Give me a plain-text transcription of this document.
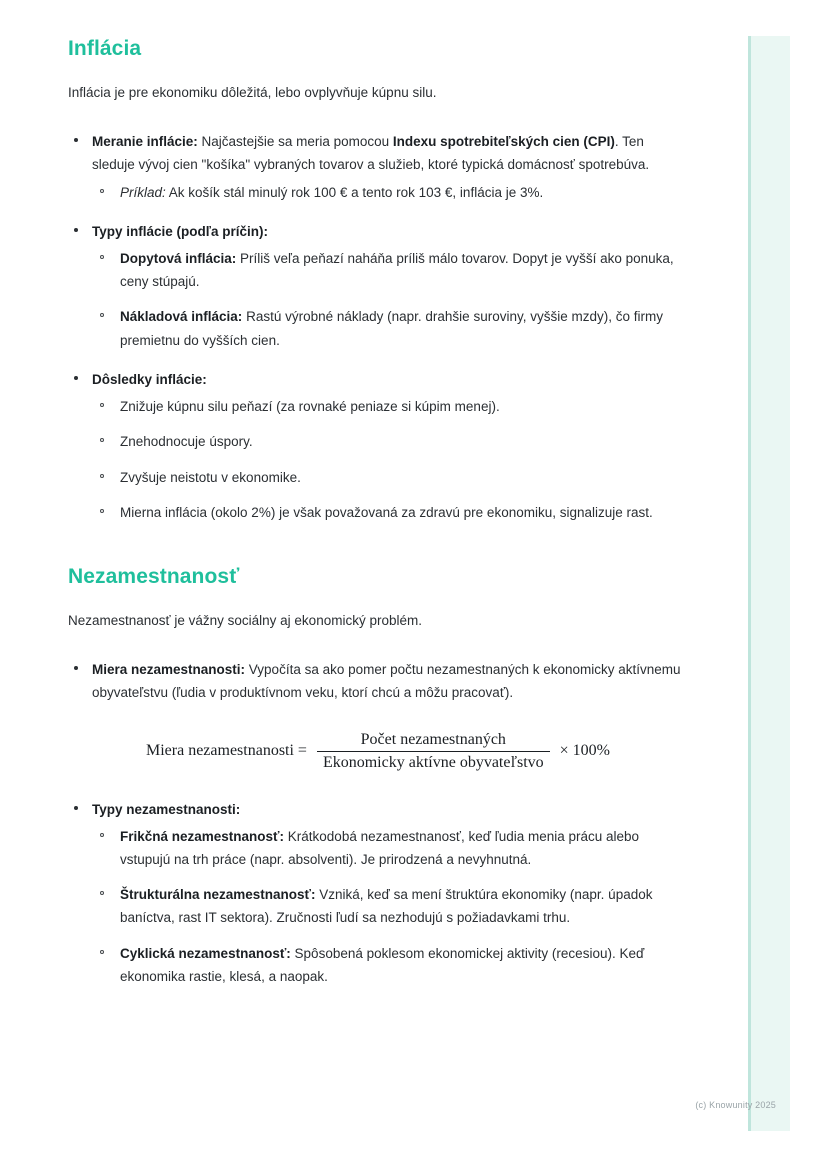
Inflácia

Inflácia je pre ekonomiku dôležitá, lebo ovplyvňuje kúpnu silu.

Meranie inflácie: Najčastejšie sa meria pomocou Indexu spotrebiteľských cien (CPI). Ten sleduje vývoj cien "košíka" vybraných tovarov a služieb, ktoré typická domácnosť spotrebúva.
Príklad: Ak košík stál minulý rok 100 € a tento rok 103 €, inflácia je 3%.
Typy inflácie (podľa príčin):
Dopytová inflácia: Príliš veľa peňazí naháňa príliš málo tovarov. Dopyt je vyšší ako ponuka, ceny stúpajú.
Nákladová inflácia: Rastú výrobné náklady (napr. drahšie suroviny, vyššie mzdy), čo firmy premietnu do vyšších cien.
Dôsledky inflácie:
Znižuje kúpnu silu peňazí (za rovnaké peniaze si kúpim menej).
Znehodnocuje úspory.
Zvyšuje neistotu v ekonomike.
Mierna inflácia (okolo 2%) je však považovaná za zdravú pre ekonomiku, signalizuje rast.
Nezamestnanosť

Nezamestnanosť je vážny sociálny aj ekonomický problém.

Miera nezamestnanosti: Vypočíta sa ako pomer počtu nezamestnaných k ekonomicky aktívnemu obyvateľstvu (ľudia v produktívnom veku, ktorí chcú a môžu pracovať).
Miera nezamestnanosti = $\frac{\text{Počet nezamestnaných}}{\text{Ekonomicky aktívne obyvateľstvo}} \times 100\%$
Typy nezamestnanosti:
Frikčná nezamestnanosť: Krátkodobá nezamestnanosť, keď ľudia menia prácu alebo vstupujú na trh práce (napr. absolventi). Je prirodzená a nevyhnutná.
Štrukturálna nezamestnanosť: Vzniká, keď sa mení štruktúra ekonomiky (napr. úpadok baníctva, rast IT sektora). Zručnosti ľudí sa nezhodujú s požiadavkami trhu.
Cyklická nezamestnanosť: Spôsobená poklesom ekonomickej aktivity (recesiou). Keď ekonomika rastie, klesá, a naopak.
(c) Knowunity 2025
